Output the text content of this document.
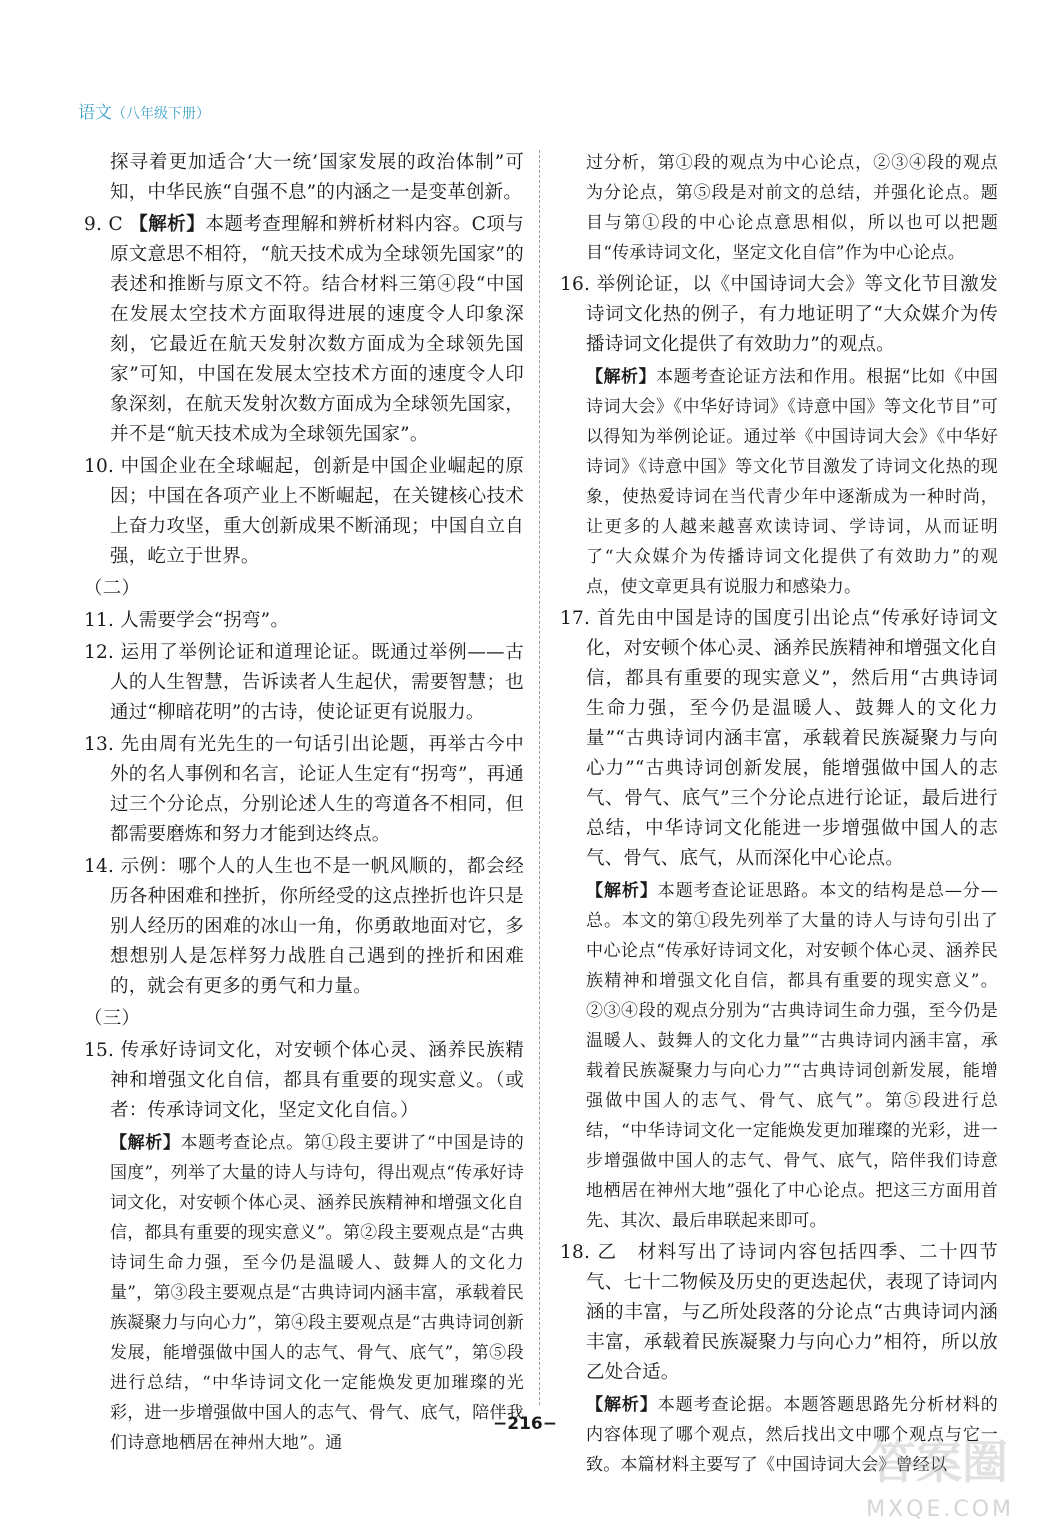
语文（八年级下册）

探寻着更加适合‘大一统’国家发展的政治体制”可知，中华民族“自强不息”的内涵之一是变革创新。

9. C 【解析】本题考查理解和辨析材料内容。C项与原文意思不相符，“航天技术成为全球领先国家”的表述和推断与原文不符。结合材料三第④段“中国在发展太空技术方面取得进展的速度令人印象深刻，它最近在航天发射次数方面成为全球领先国家”可知，中国在发展太空技术方面的速度令人印象深刻，在航天发射次数方面成为全球领先国家，并不是“航天技术成为全球领先国家”。

10. 中国企业在全球崛起，创新是中国企业崛起的原因；中国在各项产业上不断崛起，在关键核心技术上奋力攻坚，重大创新成果不断涌现；中国自立自强，屹立于世界。

（二）

11. 人需要学会“拐弯”。

12. 运用了举例论证和道理论证。既通过举例——古人的人生智慧，告诉读者人生起伏，需要智慧；也通过“柳暗花明”的古诗，使论证更有说服力。

13. 先由周有光先生的一句话引出论题，再举古今中外的名人事例和名言，论证人生定有“拐弯”，再通过三个分论点，分别论述人生的弯道各不相同，但都需要磨炼和努力才能到达终点。

14. 示例：哪个人的人生也不是一帆风顺的，都会经历各种困难和挫折，你所经受的这点挫折也许只是别人经历的困难的冰山一角，你勇敢地面对它，多想想别人是怎样努力战胜自己遇到的挫折和困难的，就会有更多的勇气和力量。

（三）

15. 传承好诗词文化，对安顿个体心灵、涵养民族精神和增强文化自信，都具有重要的现实意义。（或者：传承诗词文化，坚定文化自信。）

【解析】本题考查论点。第①段主要讲了“中国是诗的国度”，列举了大量的诗人与诗句，得出观点“传承好诗词文化，对安顿个体心灵、涵养民族精神和增强文化自信，都具有重要的现实意义”。第②段主要观点是“古典诗词生命力强，至今仍是温暖人、鼓舞人的文化力量”，第③段主要观点是“古典诗词内涵丰富，承载着民族凝聚力与向心力”，第④段主要观点是“古典诗词创新发展，能增强做中国人的志气、骨气、底气”，第⑤段进行总结，“中华诗词文化一定能焕发更加璀璨的光彩，进一步增强做中国人的志气、骨气、底气，陪伴我们诗意地栖居在神州大地”。通

过分析，第①段的观点为中心论点，②③④段的观点为分论点，第⑤段是对前文的总结，并强化论点。题目与第①段的中心论点意思相似，所以也可以把题目“传承诗词文化，坚定文化自信”作为中心论点。

16. 举例论证，以《中国诗词大会》等文化节目激发诗词文化热的例子，有力地证明了“大众媒介为传播诗词文化提供了有效助力”的观点。

【解析】本题考查论证方法和作用。根据“比如《中国诗词大会》《中华好诗词》《诗意中国》等文化节目”可以得知为举例论证。通过举《中国诗词大会》《中华好诗词》《诗意中国》等文化节目激发了诗词文化热的现象，使热爱诗词在当代青少年中逐渐成为一种时尚，让更多的人越来越喜欢读诗词、学诗词，从而证明了“大众媒介为传播诗词文化提供了有效助力”的观点，使文章更具有说服力和感染力。

17. 首先由中国是诗的国度引出论点“传承好诗词文化，对安顿个体心灵、涵养民族精神和增强文化自信，都具有重要的现实意义”，然后用“古典诗词生命力强，至今仍是温暖人、鼓舞人的文化力量”“古典诗词内涵丰富，承载着民族凝聚力与向心力”“古典诗词创新发展，能增强做中国人的志气、骨气、底气”三个分论点进行论证，最后进行总结，中华诗词文化能进一步增强做中国人的志气、骨气、底气，从而深化中心论点。

【解析】本题考查论证思路。本文的结构是总—分—总。本文的第①段先列举了大量的诗人与诗句引出了中心论点“传承好诗词文化，对安顿个体心灵、涵养民族精神和增强文化自信，都具有重要的现实意义”。②③④段的观点分别为“古典诗词生命力强，至今仍是温暖人、鼓舞人的文化力量”“古典诗词内涵丰富，承载着民族凝聚力与向心力”“古典诗词创新发展，能增强做中国人的志气、骨气、底气”。第⑤段进行总结，“中华诗词文化一定能焕发更加璀璨的光彩，进一步增强做中国人的志气、骨气、底气，陪伴我们诗意地栖居在神州大地”强化了中心论点。把这三方面用首先、其次、最后串联起来即可。

18. 乙　材料写出了诗词内容包括四季、二十四节气、七十二物候及历史的更迭起伏，表现了诗词内涵的丰富，与乙所处段落的分论点“古典诗词内涵丰富，承载着民族凝聚力与向心力”相符，所以放乙处合适。

【解析】本题考查论据。本题答题思路先分析材料的内容体现了哪个观点，然后找出文中哪个观点与它一致。本篇材料主要写了《中国诗词大会》曾经以

−216−
答案圈
MXQE.COM
